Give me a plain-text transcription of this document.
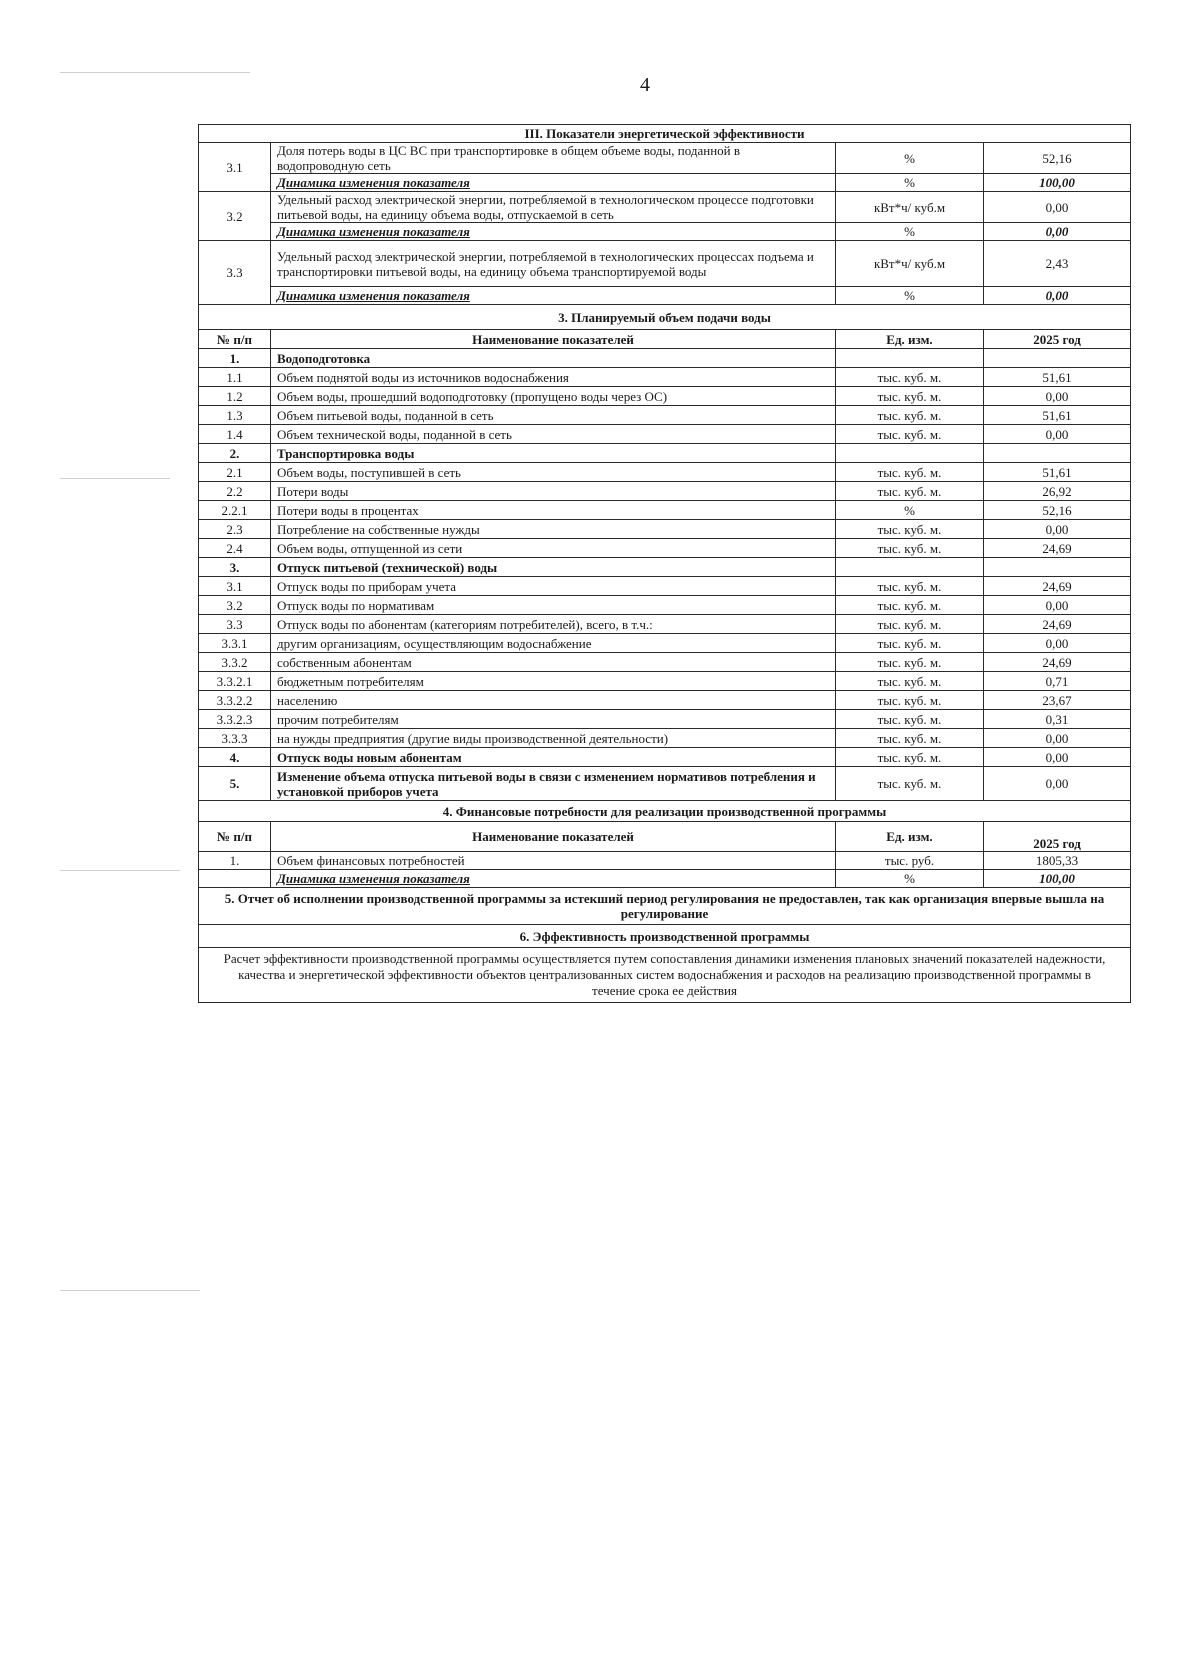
4
III. Показатели энергетической эффективности			
3.1	Доля потерь воды в ЦС ВС при транспортировке в общем объеме воды, поданной в водопроводную сеть	%	52,16
	Динамика изменения показателя	%	100,00
3.2	Удельный расход электрической энергии, потребляемой в технологическом процессе подготовки питьевой воды, на единицу объема воды, отпускаемой в сеть	кВт*ч/ куб.м	0,00
	Динамика изменения показателя	%	0,00
3.3	Удельный расход электрической энергии, потребляемой в технологических процессах подъема и транспортировки питьевой воды, на единицу объема транспортируемой воды	кВт*ч/ куб.м	2,43
	Динамика изменения показателя	%	0,00
3. Планируемый объем подачи воды			
№ п/п	Наименование показателей	Ед. изм.	2025 год
1.	Водоподготовка		
1.1	Объем поднятой воды из источников водоснабжения	тыс. куб. м.	51,61
1.2	Объем воды, прошедший водоподготовку (пропущено воды через ОС)	тыс. куб. м.	0,00
1.3	Объем питьевой воды, поданной в сеть	тыс. куб. м.	51,61
1.4	Объем технической воды, поданной в сеть	тыс. куб. м.	0,00
2.	Транспортировка воды		
2.1	Объем воды, поступившей в сеть	тыс. куб. м.	51,61
2.2	Потери воды	тыс. куб. м.	26,92
2.2.1	Потери воды в процентах	%	52,16
2.3	Потребление на собственные нужды	тыс. куб. м.	0,00
2.4	Объем воды, отпущенной из сети	тыс. куб. м.	24,69
3.	Отпуск питьевой (технической) воды		
3.1	Отпуск воды по приборам учета	тыс. куб. м.	24,69
3.2	Отпуск воды по нормативам	тыс. куб. м.	0,00
3.3	Отпуск воды по абонентам (категориям потребителей), всего, в т.ч.:	тыс. куб. м.	24,69
3.3.1	другим организациям, осуществляющим водоснабжение	тыс. куб. м.	0,00
3.3.2	собственным абонентам	тыс. куб. м.	24,69
3.3.2.1	бюджетным потребителям	тыс. куб. м.	0,71
3.3.2.2	населению	тыс. куб. м.	23,67
3.3.2.3	прочим потребителям	тыс. куб. м.	0,31
3.3.3	на нужды предприятия (другие виды производственной деятельности)	тыс. куб. м.	0,00
4.	Отпуск воды новым абонентам	тыс. куб. м.	0,00
5.	Изменение объема отпуска питьевой воды в связи с изменением нормативов потребления и установкой приборов учета	тыс. куб. м.	0,00
4. Финансовые потребности для реализации производственной программы			
№ п/п	Наименование показателей	Ед. изм.	2025 год
1.	Объем финансовых потребностей	тыс. руб.	1805,33
	Динамика изменения показателя	%	100,00
5. Отчет об исполнении производственной программы за истекший период регулирования не предоставлен, так как организация впервые вышла на регулирование			
6. Эффективность производственной программы			
Расчет эффективности производственной программы осуществляется путем сопоставления динамики изменения плановых значений показателей надежности, качества и энергетической эффективности объектов централизованных систем водоснабжения и расходов на реализацию производственной программы в течение срока ее действия			
